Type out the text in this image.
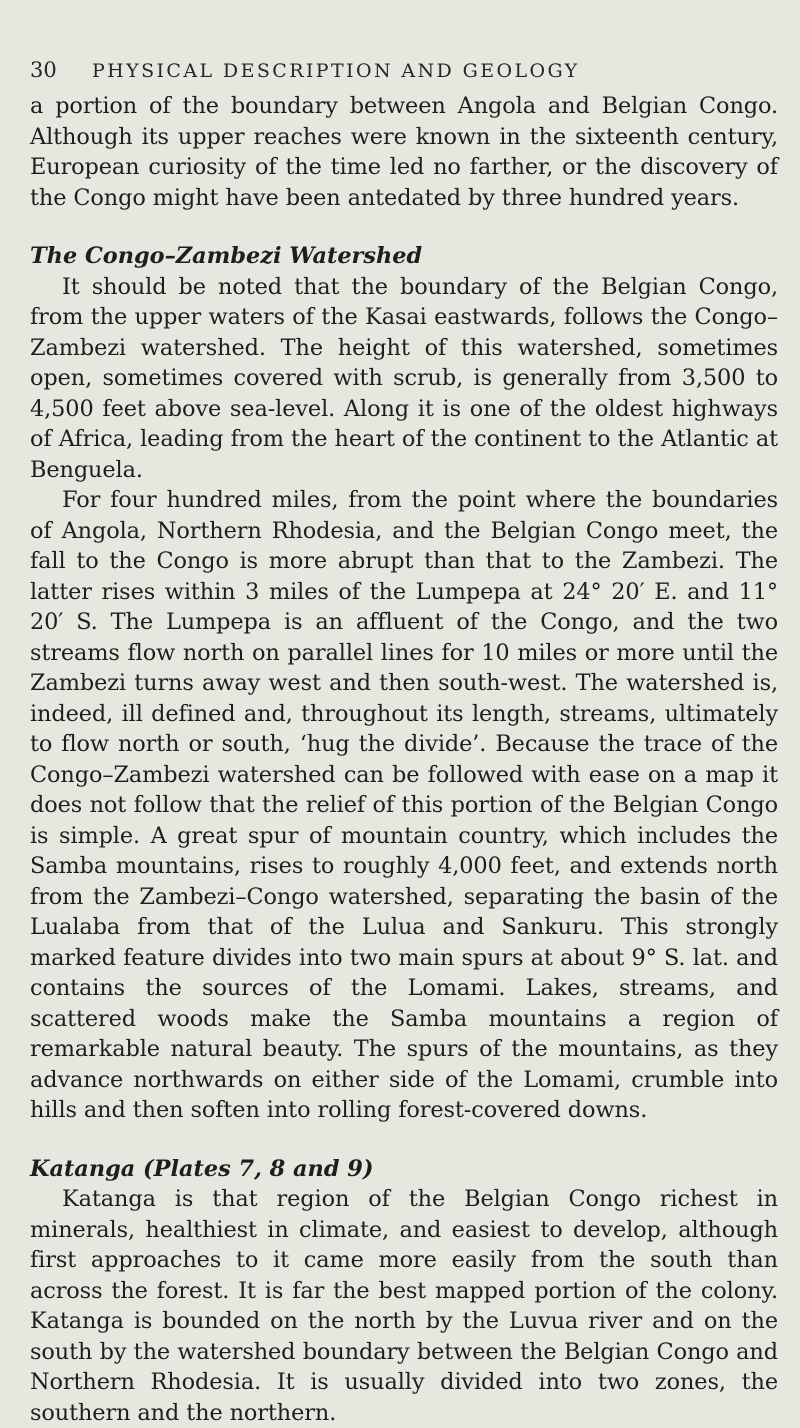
30	PHYSICAL DESCRIPTION AND GEOLOGY

a portion of the boundary between Angola and Belgian Congo. Although its upper reaches were known in the sixteenth century, European curiosity of the time led no farther, or the discovery of the Congo might have been antedated by three hundred years.

The Congo–Zambezi Watershed

It should be noted that the boundary of the Belgian Congo, from the upper waters of the Kasai eastwards, follows the Congo–Zambezi watershed. The height of this watershed, sometimes open, sometimes covered with scrub, is generally from 3,500 to 4,500 feet above sea-level. Along it is one of the oldest highways of Africa, leading from the heart of the continent to the Atlantic at Benguela.

For four hundred miles, from the point where the boundaries of Angola, Northern Rhodesia, and the Belgian Congo meet, the fall to the Congo is more abrupt than that to the Zambezi. The latter rises within 3 miles of the Lumpepa at 24° 20′ E. and 11° 20′ S. The Lumpepa is an affluent of the Congo, and the two streams flow north on parallel lines for 10 miles or more until the Zambezi turns away west and then south-west. The watershed is, indeed, ill defined and, throughout its length, streams, ultimately to flow north or south, ‘hug the divide’. Because the trace of the Congo–Zambezi watershed can be followed with ease on a map it does not follow that the relief of this portion of the Belgian Congo is simple. A great spur of mountain country, which includes the Samba mountains, rises to roughly 4,000 feet, and extends north from the Zambezi–Congo watershed, separating the basin of the Lualaba from that of the Lulua and Sankuru. This strongly marked feature divides into two main spurs at about 9° S. lat. and contains the sources of the Lomami. Lakes, streams, and scattered woods make the Samba mountains a region of remarkable natural beauty. The spurs of the mountains, as they advance northwards on either side of the Lomami, crumble into hills and then soften into rolling forest-covered downs.

Katanga (Plates 7, 8 and 9)

Katanga is that region of the Belgian Congo richest in minerals, healthiest in climate, and easiest to develop, although first approaches to it came more easily from the south than across the forest. It is far the best mapped portion of the colony. Katanga is bounded on the north by the Luvua river and on the south by the watershed boundary between the Belgian Congo and Northern Rhodesia. It is usually divided into two zones, the southern and the northern.
